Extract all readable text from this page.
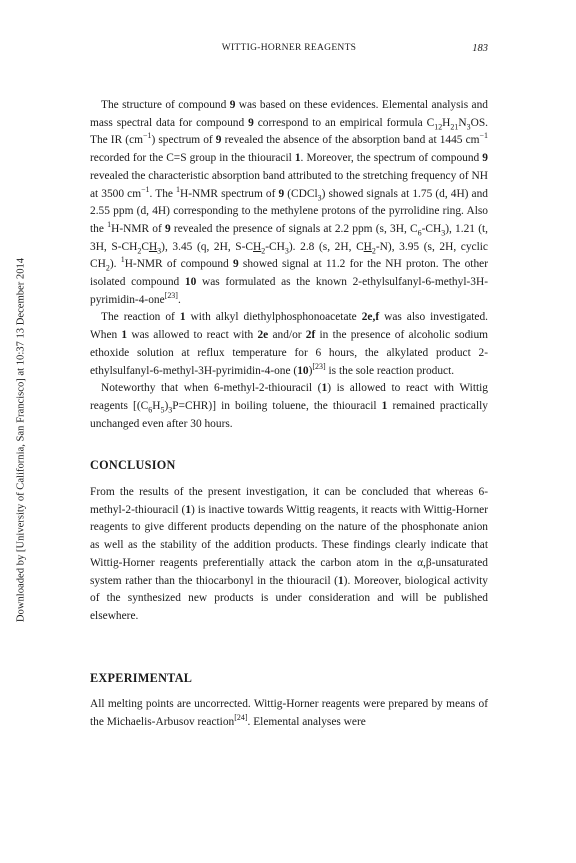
WITTIG-HORNER REAGENTS	183
Downloaded by [University of California, San Francisco] at 10:37 13 December 2014

The structure of compound 9 was based on these evidences. Elemental analysis and mass spectral data for compound 9 correspond to an empirical formula $C_{12}H_{21}N_3OS$. The IR $(cm^{-1})$ spectrum of 9 revealed the absence of the absorption band at 1445 $cm^{-1}$ recorded for the C=S group in the thiouracil 1. Moreover, the spectrum of compound 9 revealed the characteristic absorption band attributed to the stretching frequency of NH at 3500 $cm^{-1}$. The $^1$H-NMR spectrum of 9 (CDCl$_3$) showed signals at 1.75 (d, 4H) and 2.55 ppm (d, 4H) corresponding to the methylene protons of the pyrrolidine ring. Also the $^1$H-NMR of 9 revealed the presence of signals at 2.2 ppm (s, 3H, $C_6-CH_3$), 1.21 (t, 3H, $S-CH_2CH_3$), 3.45 (q, 2H, $S-CH_2-CH_3$). 2.8 (s, 2H, $CH_2-N$), 3.95 (s, 2H, cyclic $CH_2$). $^1$H-NMR of compound 9 showed signal at 11.2 for the NH proton. The other isolated compound 10 was formulated as the known 2-ethylsulfanyl-6-methyl-3H-pyrimidin-4-one[23].

The reaction of 1 with alkyl diethylphosphonoacetate 2e,f was also investigated. When 1 was allowed to react with 2e and/or 2f in the presence of alcoholic sodium ethoxide solution at reflux temperature for 6 hours, the alkylated product 2-ethylsulfanyl-6-methyl-3H-pyrimidin-4-one (10)[23] is the sole reaction product.

Noteworthy that when 6-methyl-2-thiouracil (1) is allowed to react with Wittig reagents $[(C_6H_5)_3P=CHR)$] in boiling toluene, the thiouracil 1 remained practically unchanged even after 30 hours.

CONCLUSION

From the results of the present investigation, it can be concluded that whereas 6-methyl-2-thiouracil (1) is inactive towards Wittig reagents, it reacts with Wittig-Horner reagents to give different products depending on the nature of the phosphonate anion as well as the stability of the addition products. These findings clearly indicate that Wittig-Horner reagents preferentially attack the carbon atom in the α,β-unsaturated system rather than the thiocarbonyl in the thiouracil (1). Moreover, biological activity of the synthesized new products is under consideration and will be published elsewhere.

EXPERIMENTAL

All melting points are uncorrected. Wittig-Horner reagents were prepared by means of the Michaelis-Arbusov reaction[24]. Elemental analyses were
